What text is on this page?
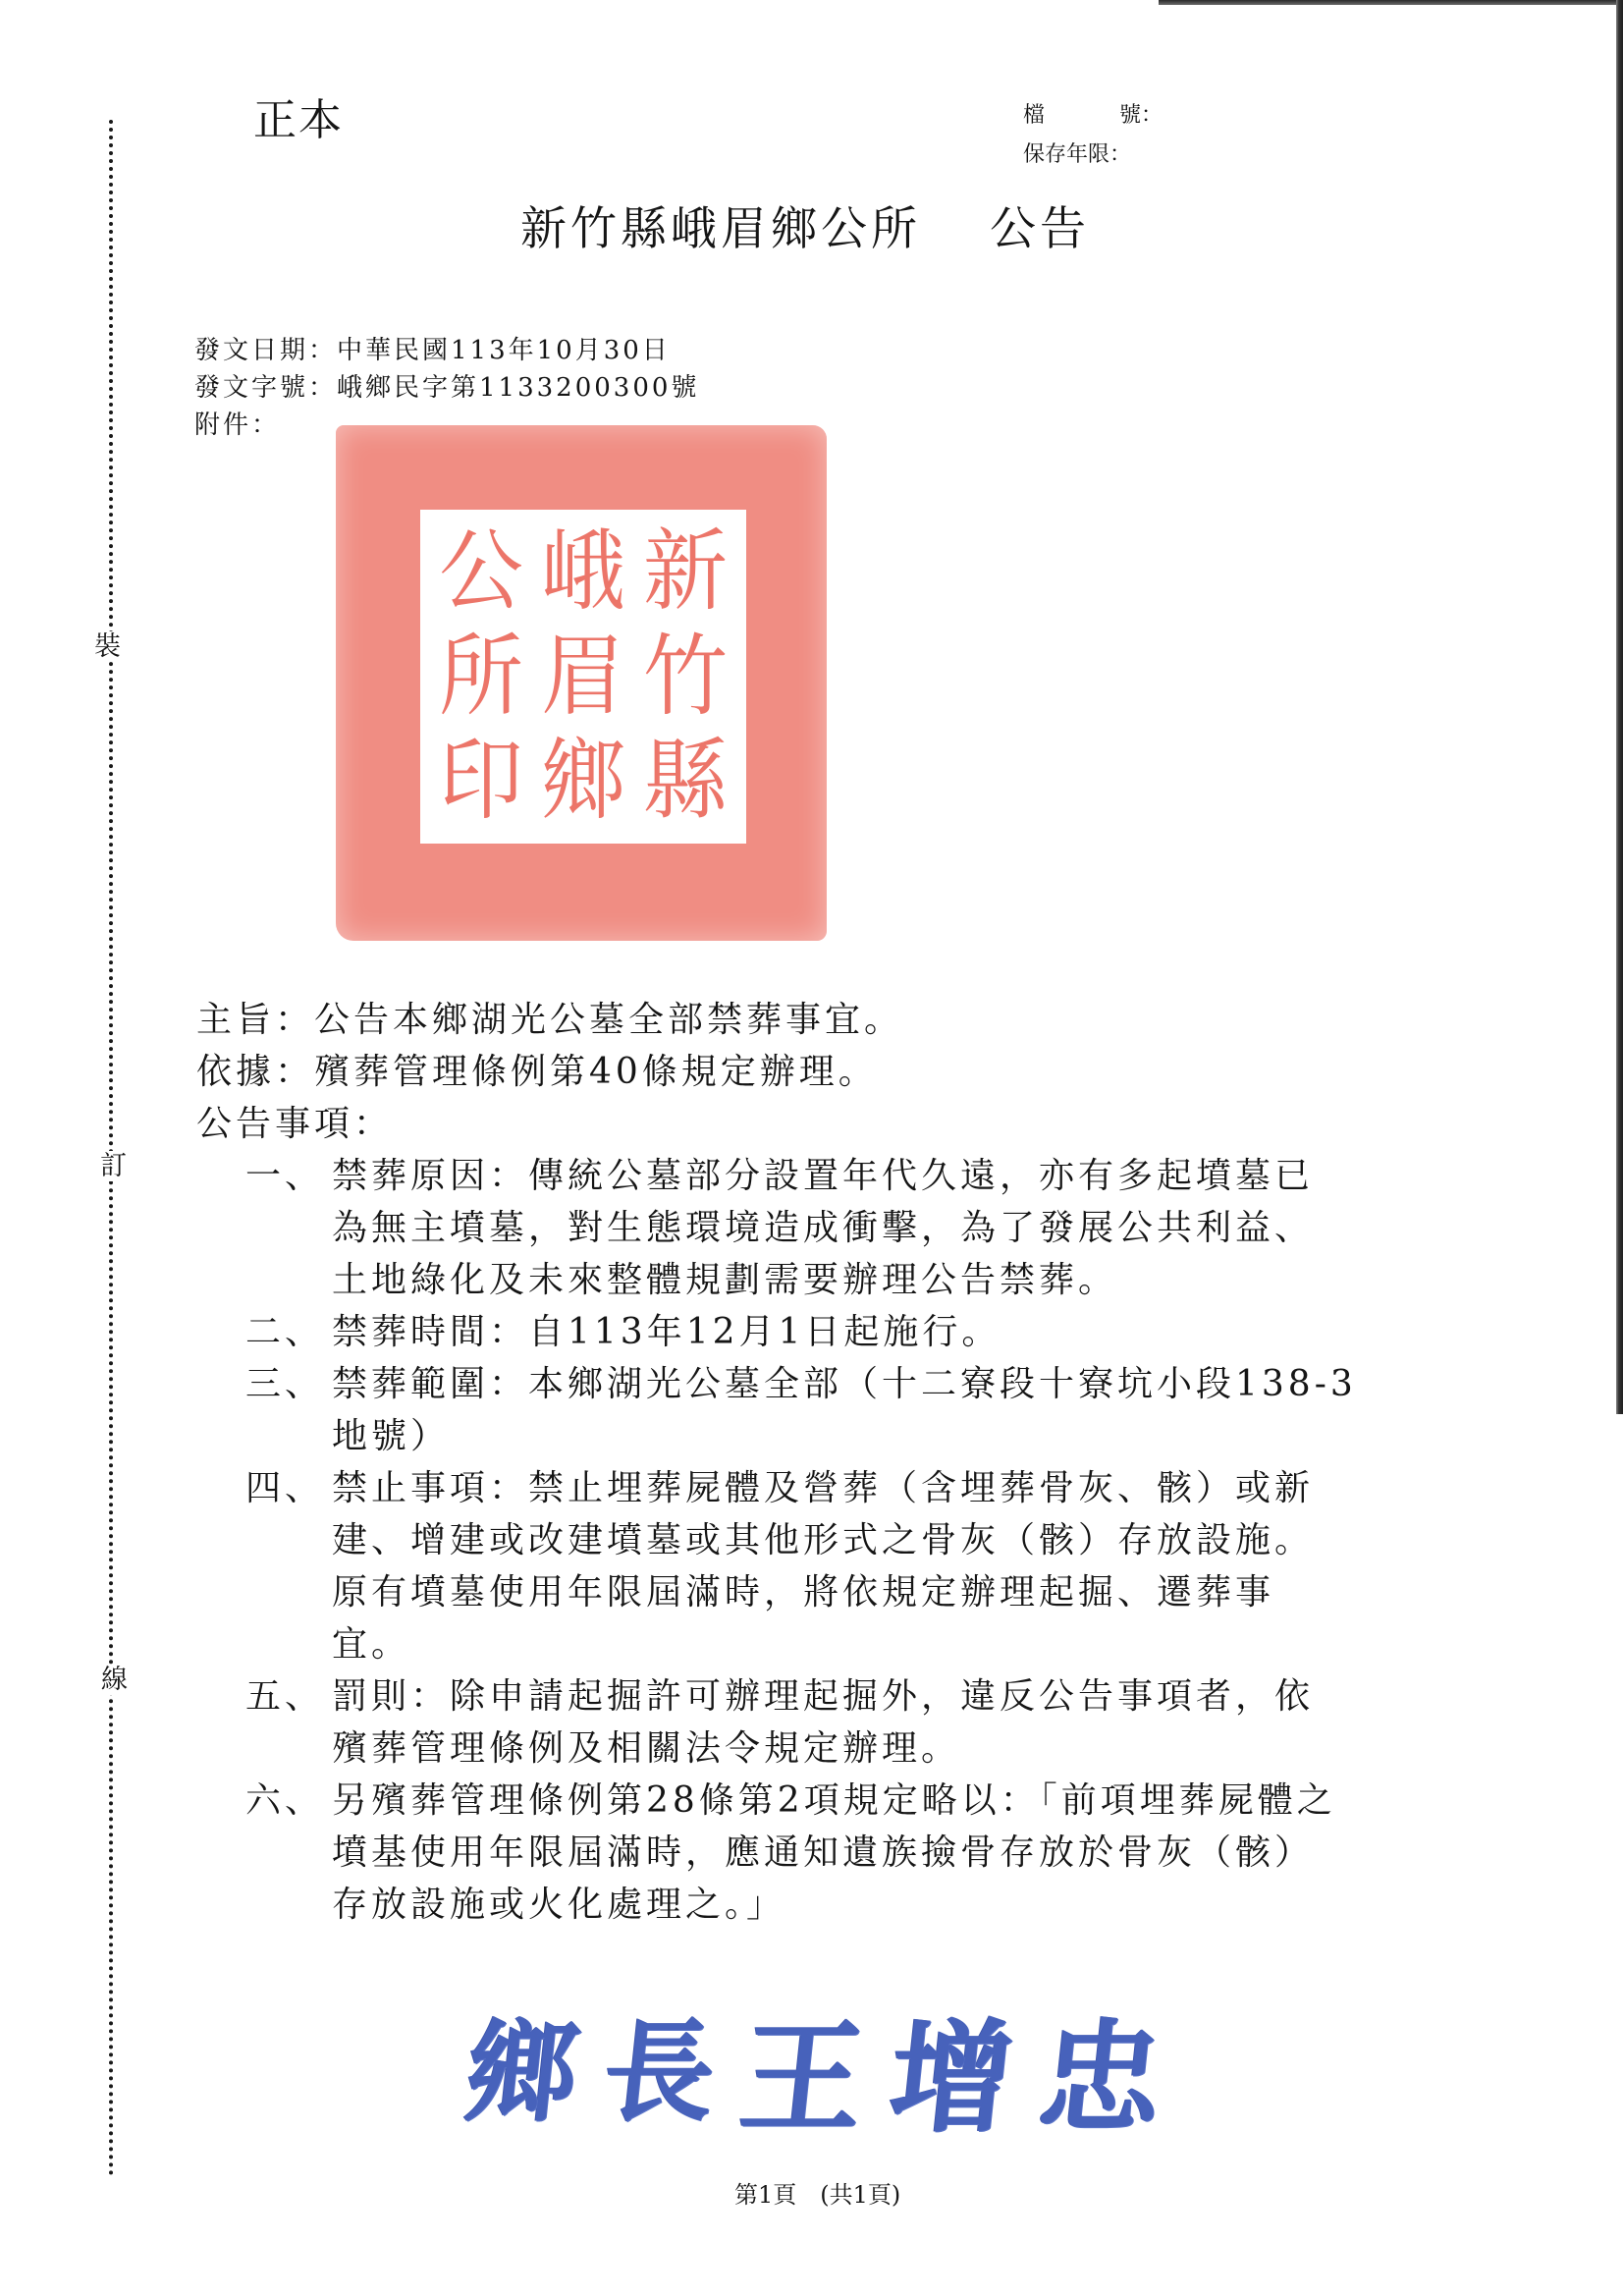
裝
訂
線
正本	檔	號 ：
保存年限：
新竹縣峨眉鄉公所　 公告
發文日期：中華民國113年10月30日
發文字號：峨鄉民字第1133200300號
附件：
新
竹
縣
峨
眉
鄉
公
所
印
主旨：公告本鄉湖光公墓全部禁葬事宜。
依據：殯葬管理條例第40條規定辦理。
公告事項：
一、 禁葬原因：傳統公墓部分設置年代久遠，亦有多起墳墓已
為無主墳墓，對生態環境造成衝擊，為了發展公共利益、
土地綠化及未來整體規劃需要辦理公告禁葬。
二、 禁葬時間：自113年12月1日起施行。
三、 禁葬範圍：本鄉湖光公墓全部（十二寮段十寮坑小段138-3
地號）
四、 禁止事項：禁止埋葬屍體及營葬（含埋葬骨灰、骸）或新
建、增建或改建墳墓或其他形式之骨灰（骸）存放設施。
原有墳墓使用年限屆滿時，將依規定辦理起掘、遷葬事
宜。
五、 罰則：除申請起掘許可辦理起掘外，違反公告事項者，依
殯葬管理條例及相關法令規定辦理。
六、 另殯葬管理條例第28條第2項規定略以：「前項埋葬屍體之
墳基使用年限屆滿時，應通知遺族撿骨存放於骨灰（骸）
存放設施或火化處理之。」
鄉 長 王 增 忠
第1頁　(共1頁)
